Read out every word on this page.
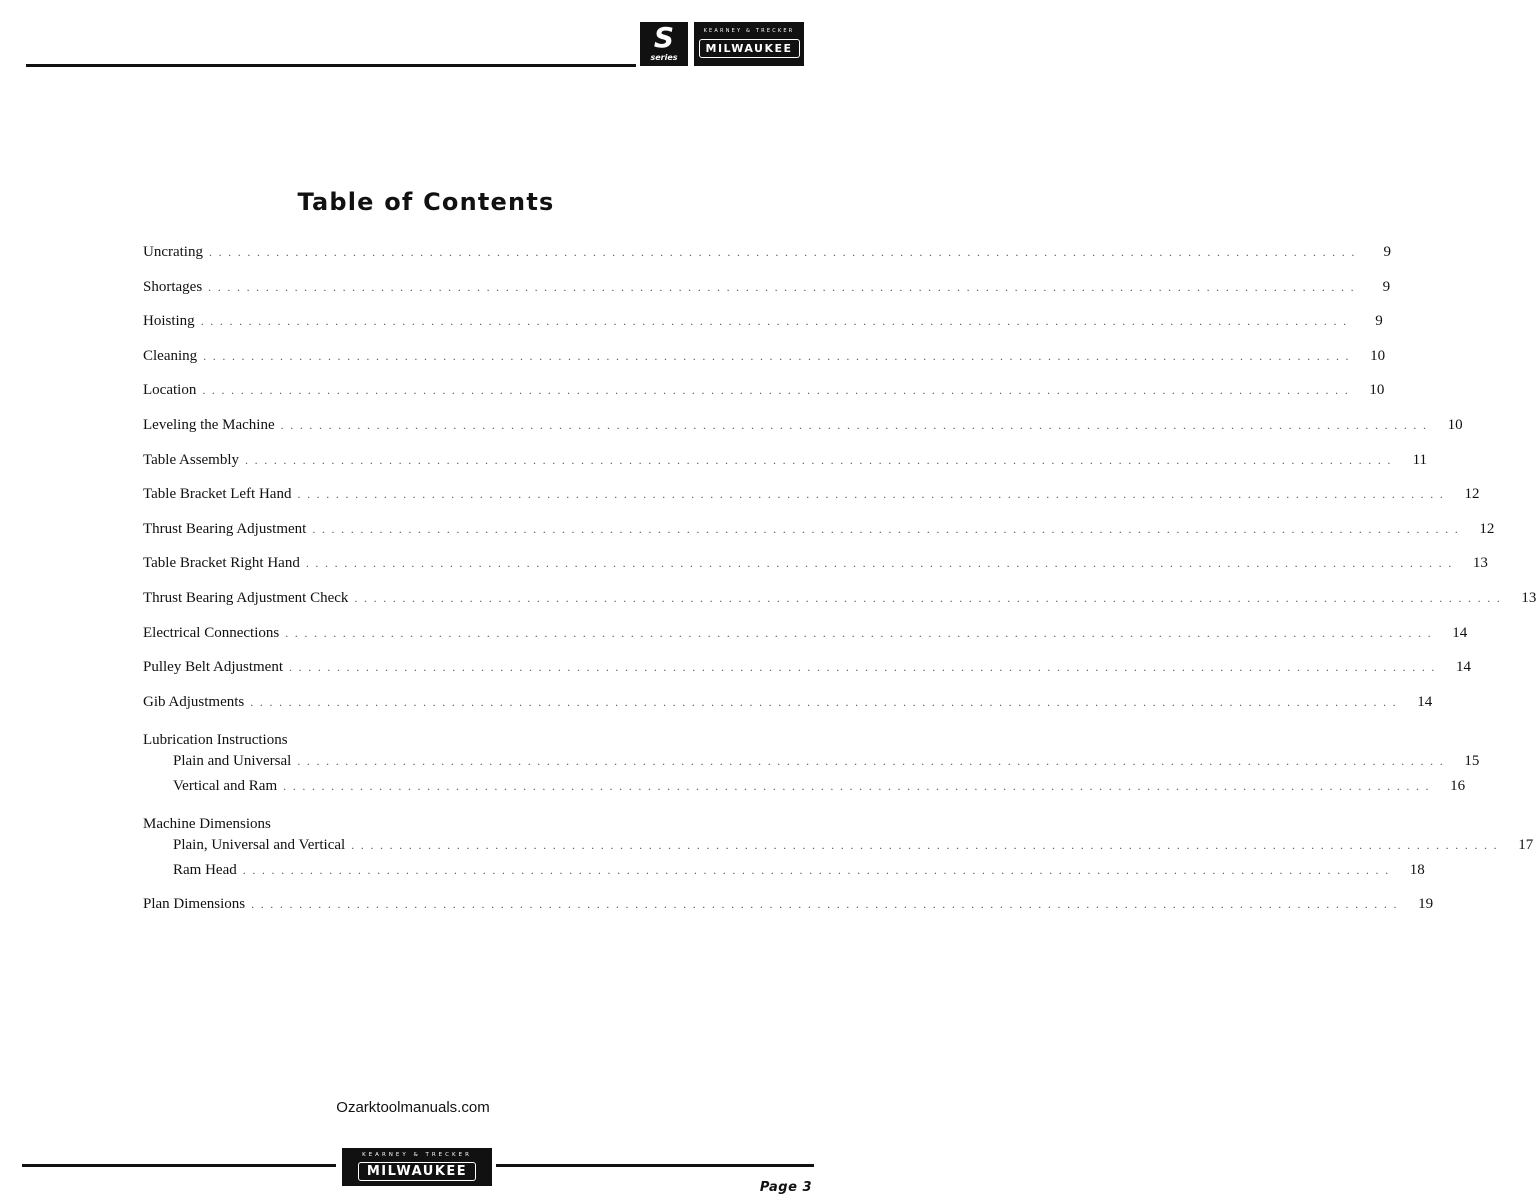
S
series
KEARNEY & TRECKER
MILWAUKEE
Table of Contents
Uncrating ........................................................................................................................	9
Shortages ........................................................................................................................	9
Hoisting ........................................................................................................................	9
Cleaning ........................................................................................................................	10
Location ........................................................................................................................	10
Leveling the Machine ........................................................................................................................	10
Table Assembly ........................................................................................................................	11
Table Bracket Left Hand ........................................................................................................................	12
Thrust Bearing Adjustment ........................................................................................................................	12
Table Bracket Right Hand ........................................................................................................................	13
Thrust Bearing Adjustment Check ........................................................................................................................	13
Electrical Connections ........................................................................................................................	14
Pulley Belt Adjustment ........................................................................................................................	14
Gib Adjustments ........................................................................................................................	14
Lubrication Instructions
Plain and Universal ........................................................................................................................	15
Vertical and Ram ........................................................................................................................	16
Machine Dimensions
Plain, Universal and Vertical ........................................................................................................................	17
Ram Head ........................................................................................................................	18
Plan Dimensions ........................................................................................................................	19
Ozarktoolmanuals.com
KEARNEY & TRECKER
MILWAUKEE
Page 3
